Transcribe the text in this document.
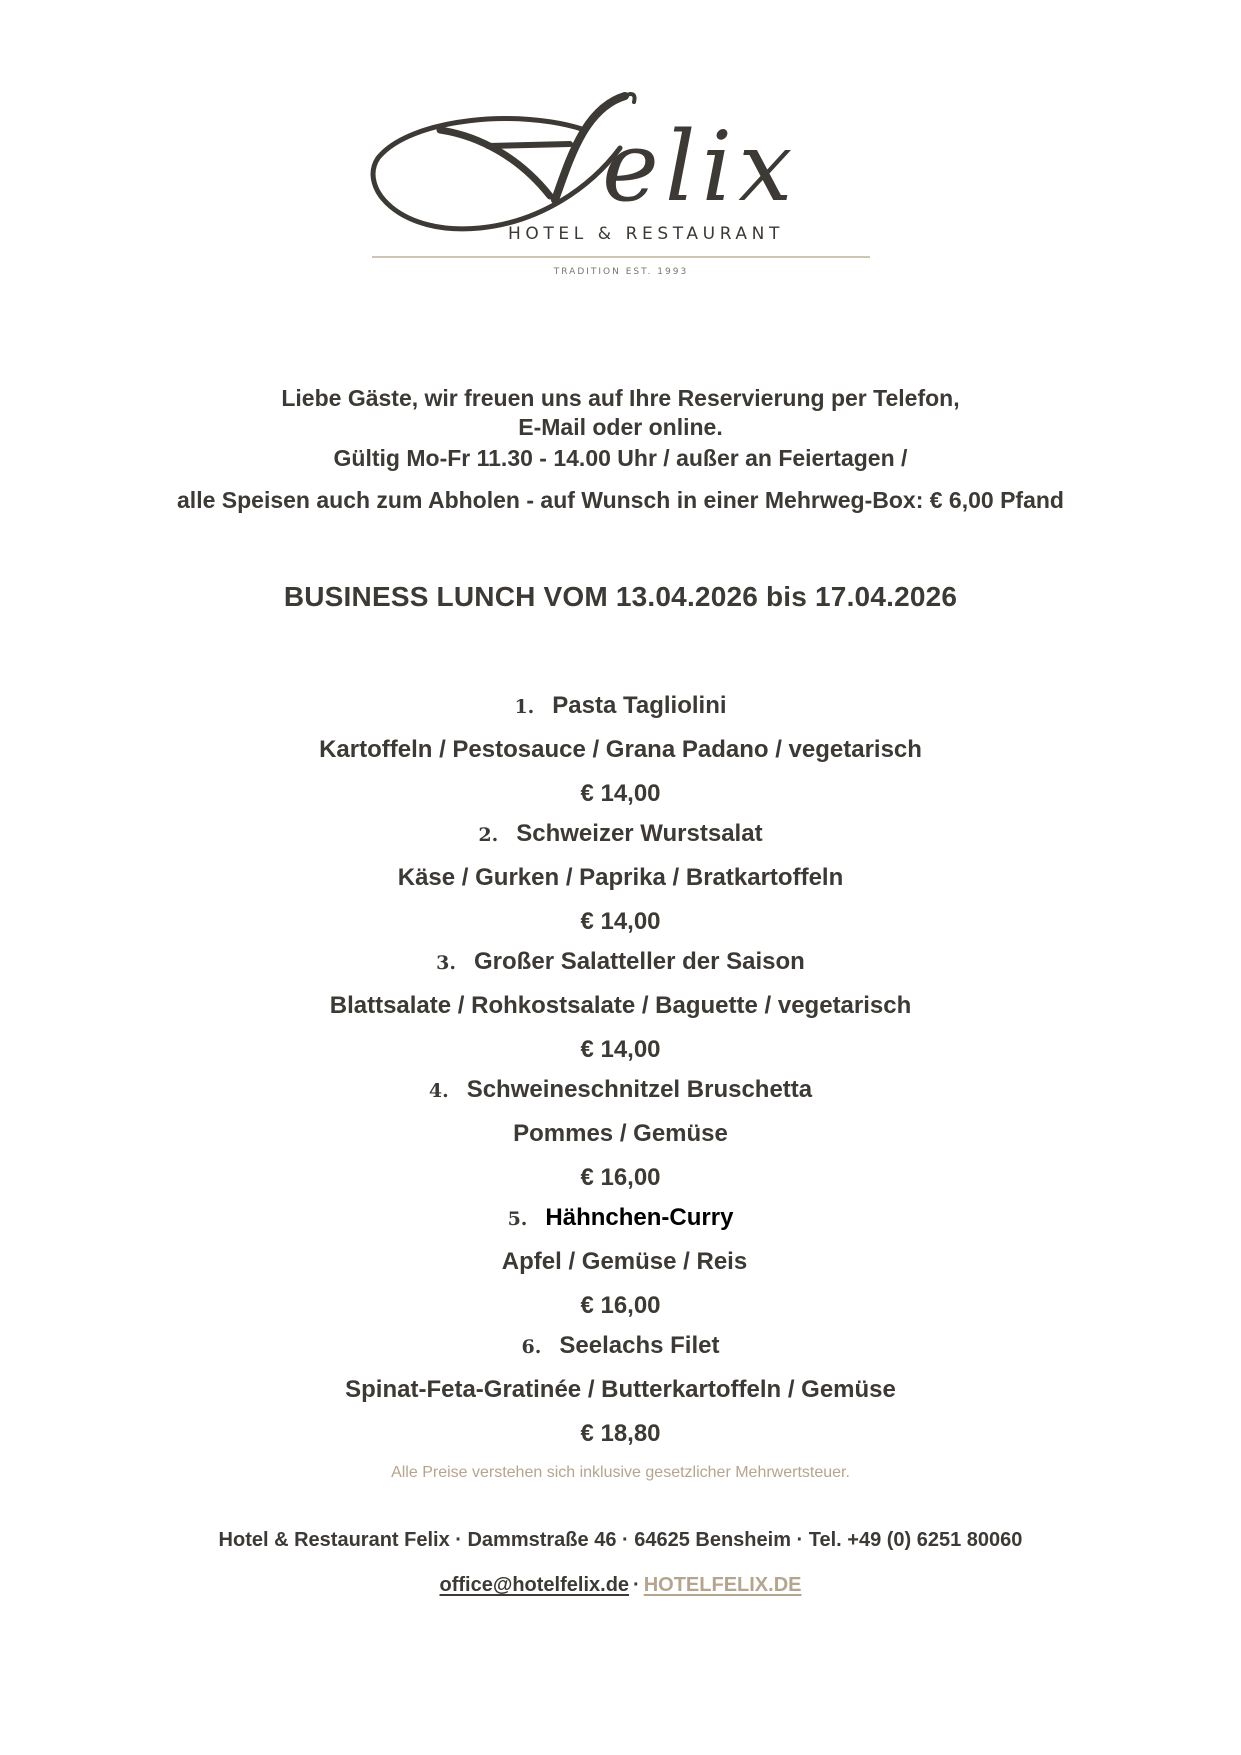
elix
HOTEL & RESTAURANT
TRADITION EST. 1993
Liebe Gäste, wir freuen uns auf Ihre Reservierung per Telefon,
E-Mail oder online.
Gültig Mo-Fr 11.30 - 14.00 Uhr / außer an Feiertagen /
alle Speisen auch zum Abholen - auf Wunsch in einer Mehrweg-Box: € 6,00 Pfand
BUSINESS LUNCH VOM 13.04.2026 bis 17.04.2026
1. Pasta Tagliolini
Kartoffeln / Pestosauce / Grana Padano / vegetarisch
€ 14,00
2. Schweizer Wurstsalat
Käse / Gurken / Paprika / Bratkartoffeln
€ 14,00
3. Großer Salatteller der Saison
Blattsalate / Rohkostsalate / Baguette / vegetarisch
€ 14,00
4. Schweineschnitzel Bruschetta
Pommes / Gemüse
€ 16,00
5. Hähnchen-Curry
Apfel / Gemüse / Reis
€ 16,00
6. Seelachs Filet
Spinat-Feta-Gratinée / Butterkartoffeln / Gemüse
€ 18,80
Alle Preise verstehen sich inklusive gesetzlicher Mehrwertsteuer.
Hotel & Restaurant Felix · Dammstraße 46 · 64625 Bensheim · Tel. +49 (0) 6251 80060
office@hotelfelix.de · HOTELFELIX.DE
